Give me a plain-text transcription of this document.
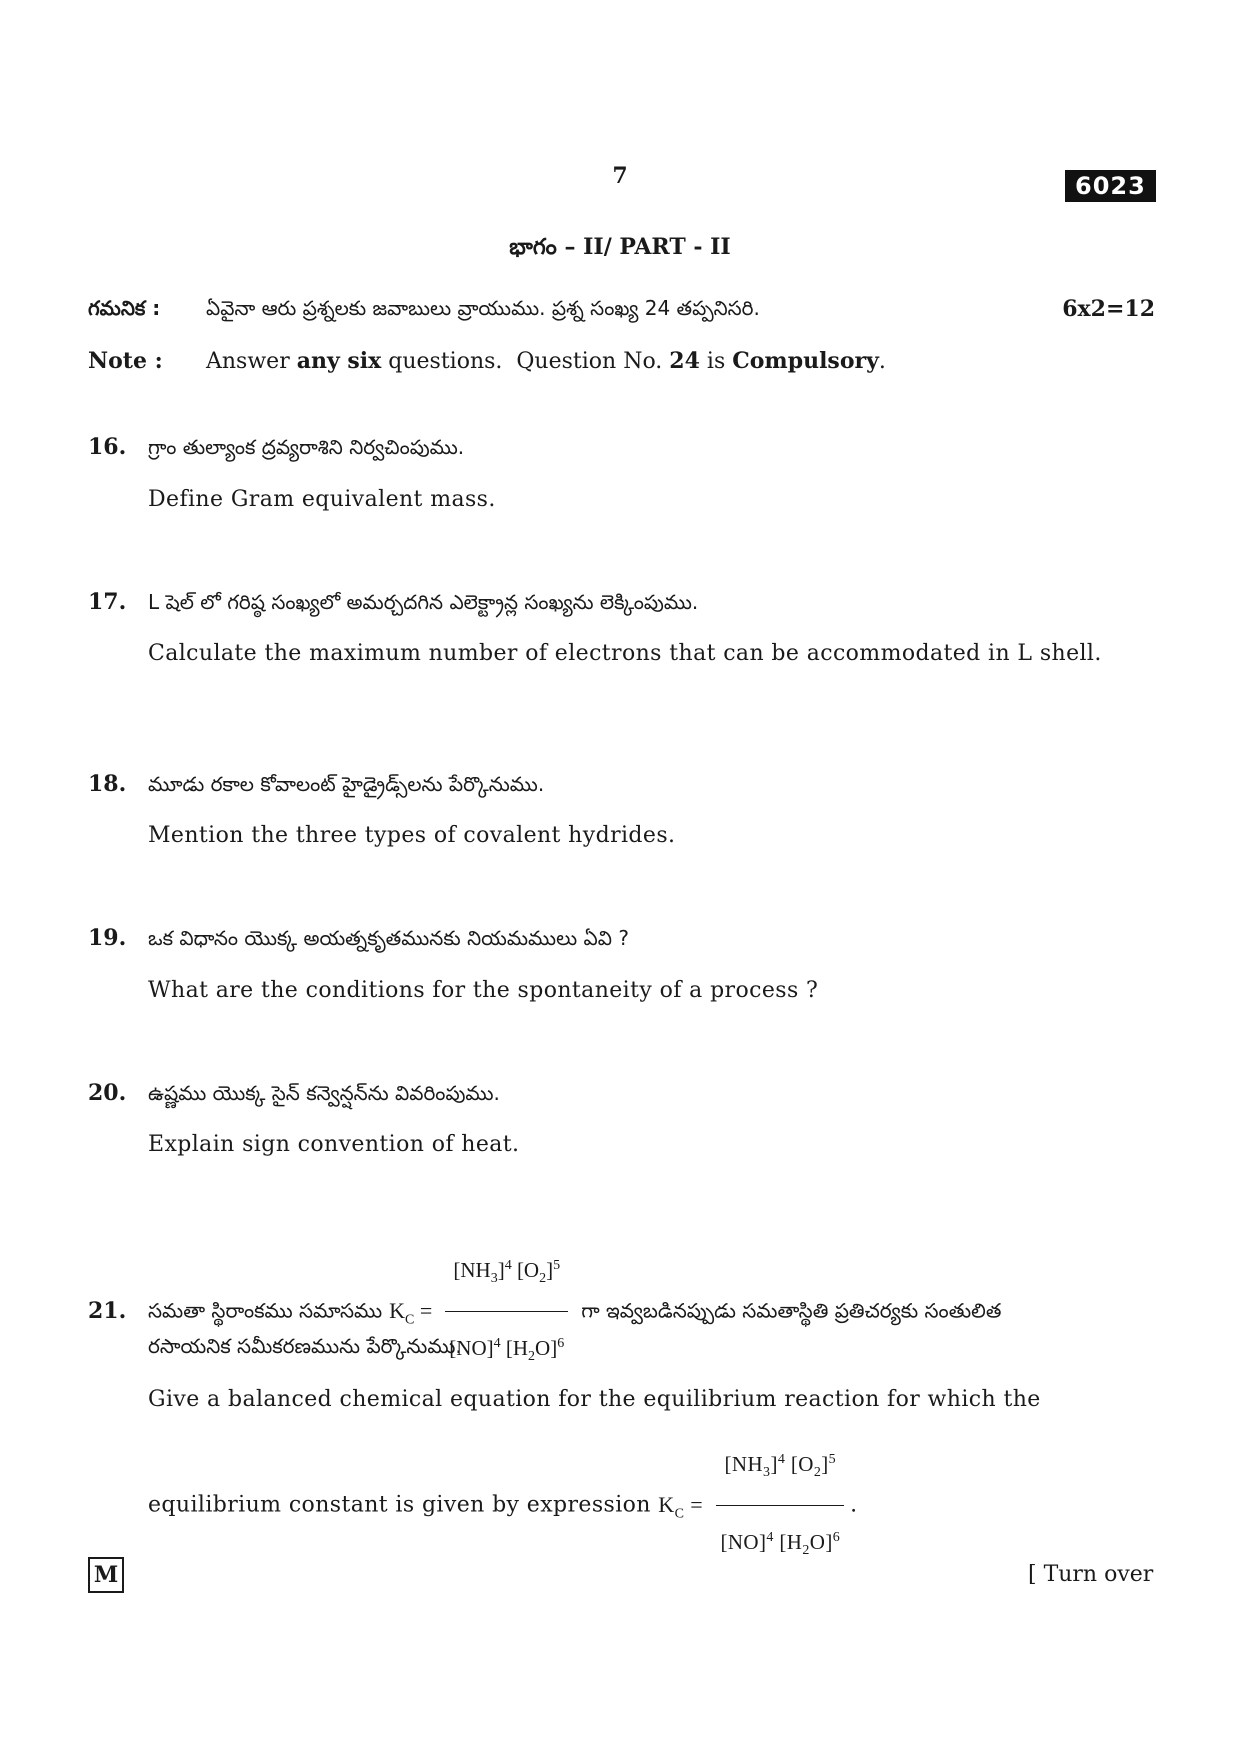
7	6023
భాగం – II/ PART - II
గమనిక : ఏవైనా ఆరు ప్రశ్నలకు జవాబులు వ్రాయుము. ప్రశ్న సంఖ్య 24 తప్పనిసరి.	6x2=12
Note : Answer any six questions.  Question No. 24 is Compulsory.
16. గ్రాం తుల్యాంక ద్రవ్యరాశిని నిర్వచింపుము.
Define Gram equivalent mass.
17. L షెల్ లో గరిష్ఠ సంఖ్యలో అమర్చదగిన ఎలెక్ట్రాన్ల సంఖ్యను లెక్కింపుము.
Calculate the maximum number of electrons that can be accommodated in L shell.
18. మూడు రకాల కోవాలంట్ హైడ్రైడ్స్‌లను పేర్కొనుము.
Mention the three types of covalent hydrides.
19. ఒక విధానం యొక్క అయత్నకృతమునకు నియమములు ఏవి ?
What are the conditions for the spontaneity of a process ?
20. ఉష్ణము యొక్క సైన్ కన్వెన్షన్‌ను వివరింపుము.
Explain sign convention of heat.
21. సమతా స్థిరాంకము సమాసము $K_C = \frac{[NH_3]^4 [O_2]^5}{[NO]^4 [H_2O]^6}$ గా ఇవ్వబడినప్పుడు సమతాస్థితి ప్రతిచర్యకు సంతులిత
రసాయనిక సమీకరణమును పేర్కొనుము.
Give a balanced chemical equation for the equilibrium reaction for which the
equilibrium constant is given by expression $K_C = \frac{[NH_3]^4 [O_2]^5}{[NO]^4 [H_2O]^6}$ .
M	[ Turn over
